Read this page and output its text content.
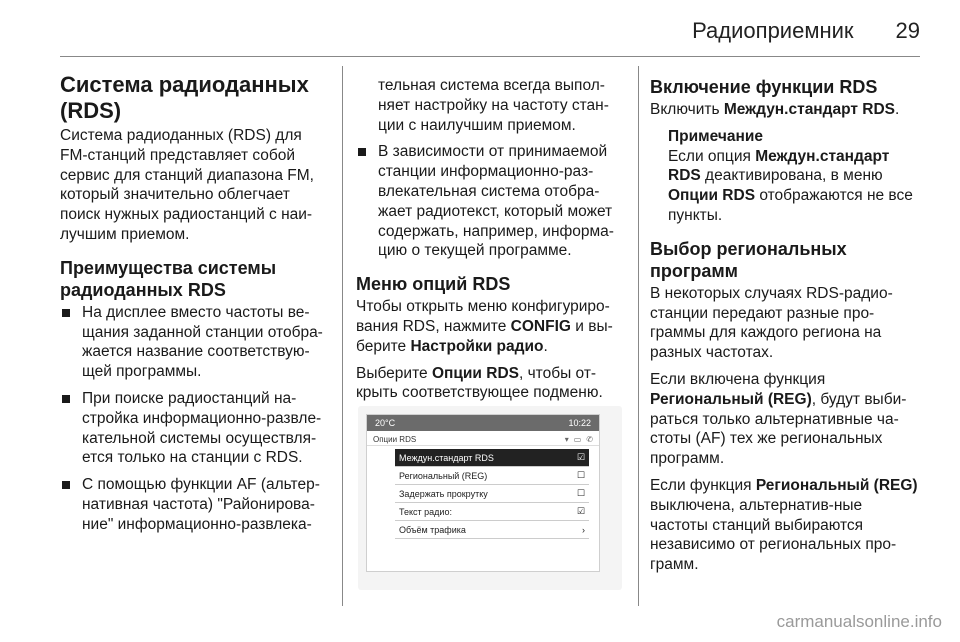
Радиоприемник 29
Система радиоданных (RDS)

Система радиоданных (RDS) для FM-станций представляет собой сервис для станций диапазона FM, который значительно облегчает поиск нужных радиостанций с наи-лучшим приемом.

Преимущества системы радиоданных RDS
На дисплее вместо частоты ве-щания заданной станции отобра-жается название соответствую-щей программы.
При поиске радиостанций на-стройка информационно-развле-кательной системы осуществля-ется только на станции с RDS.
С помощью функции AF (альтер-нативная частота) "Районирова-ние" информационно-развлека-
тельная система всегда выпол-няет настройку на частоту стан-ции с наилучшим приемом.
В зависимости от принимаемой станции информационно-раз-влекательная система отобра-жает радиотекст, который может содержать, например, информа-цию о текущей программе.
Меню опций RDS

Чтобы открыть меню конфигуриро-вания RDS, нажмите CONFIG и вы-берите Настройки радио.

Выберите Опции RDS, чтобы от-крыть соответствующее подменю.

20°C	10:22
Опции RDS	▾ ▭ ✆
Междун.стандарт RDS	☑
Региональный (REG)	☐
Задержать прокрутку	☐
Текст радио:	☑
Объём трафика	›
Включение функции RDS

Включить Междун.стандарт RDS.

Примечание
Если опция Междун.стандарт RDS деактивирована, в меню Опции RDS отображаются не все пункты.
Выбор региональных программ

В некоторых случаях RDS-радио-станции передают разные про-граммы для каждого региона на разных частотах.

Если включена функция Региональный (REG), будут выби-раться только альтернативные ча-стоты (AF) тех же региональных программ.

Если функция Региональный (REG) выключена, альтернатив-ные частоты станций выбираются независимо от региональных про-грамм.

carmanualsonline.info
